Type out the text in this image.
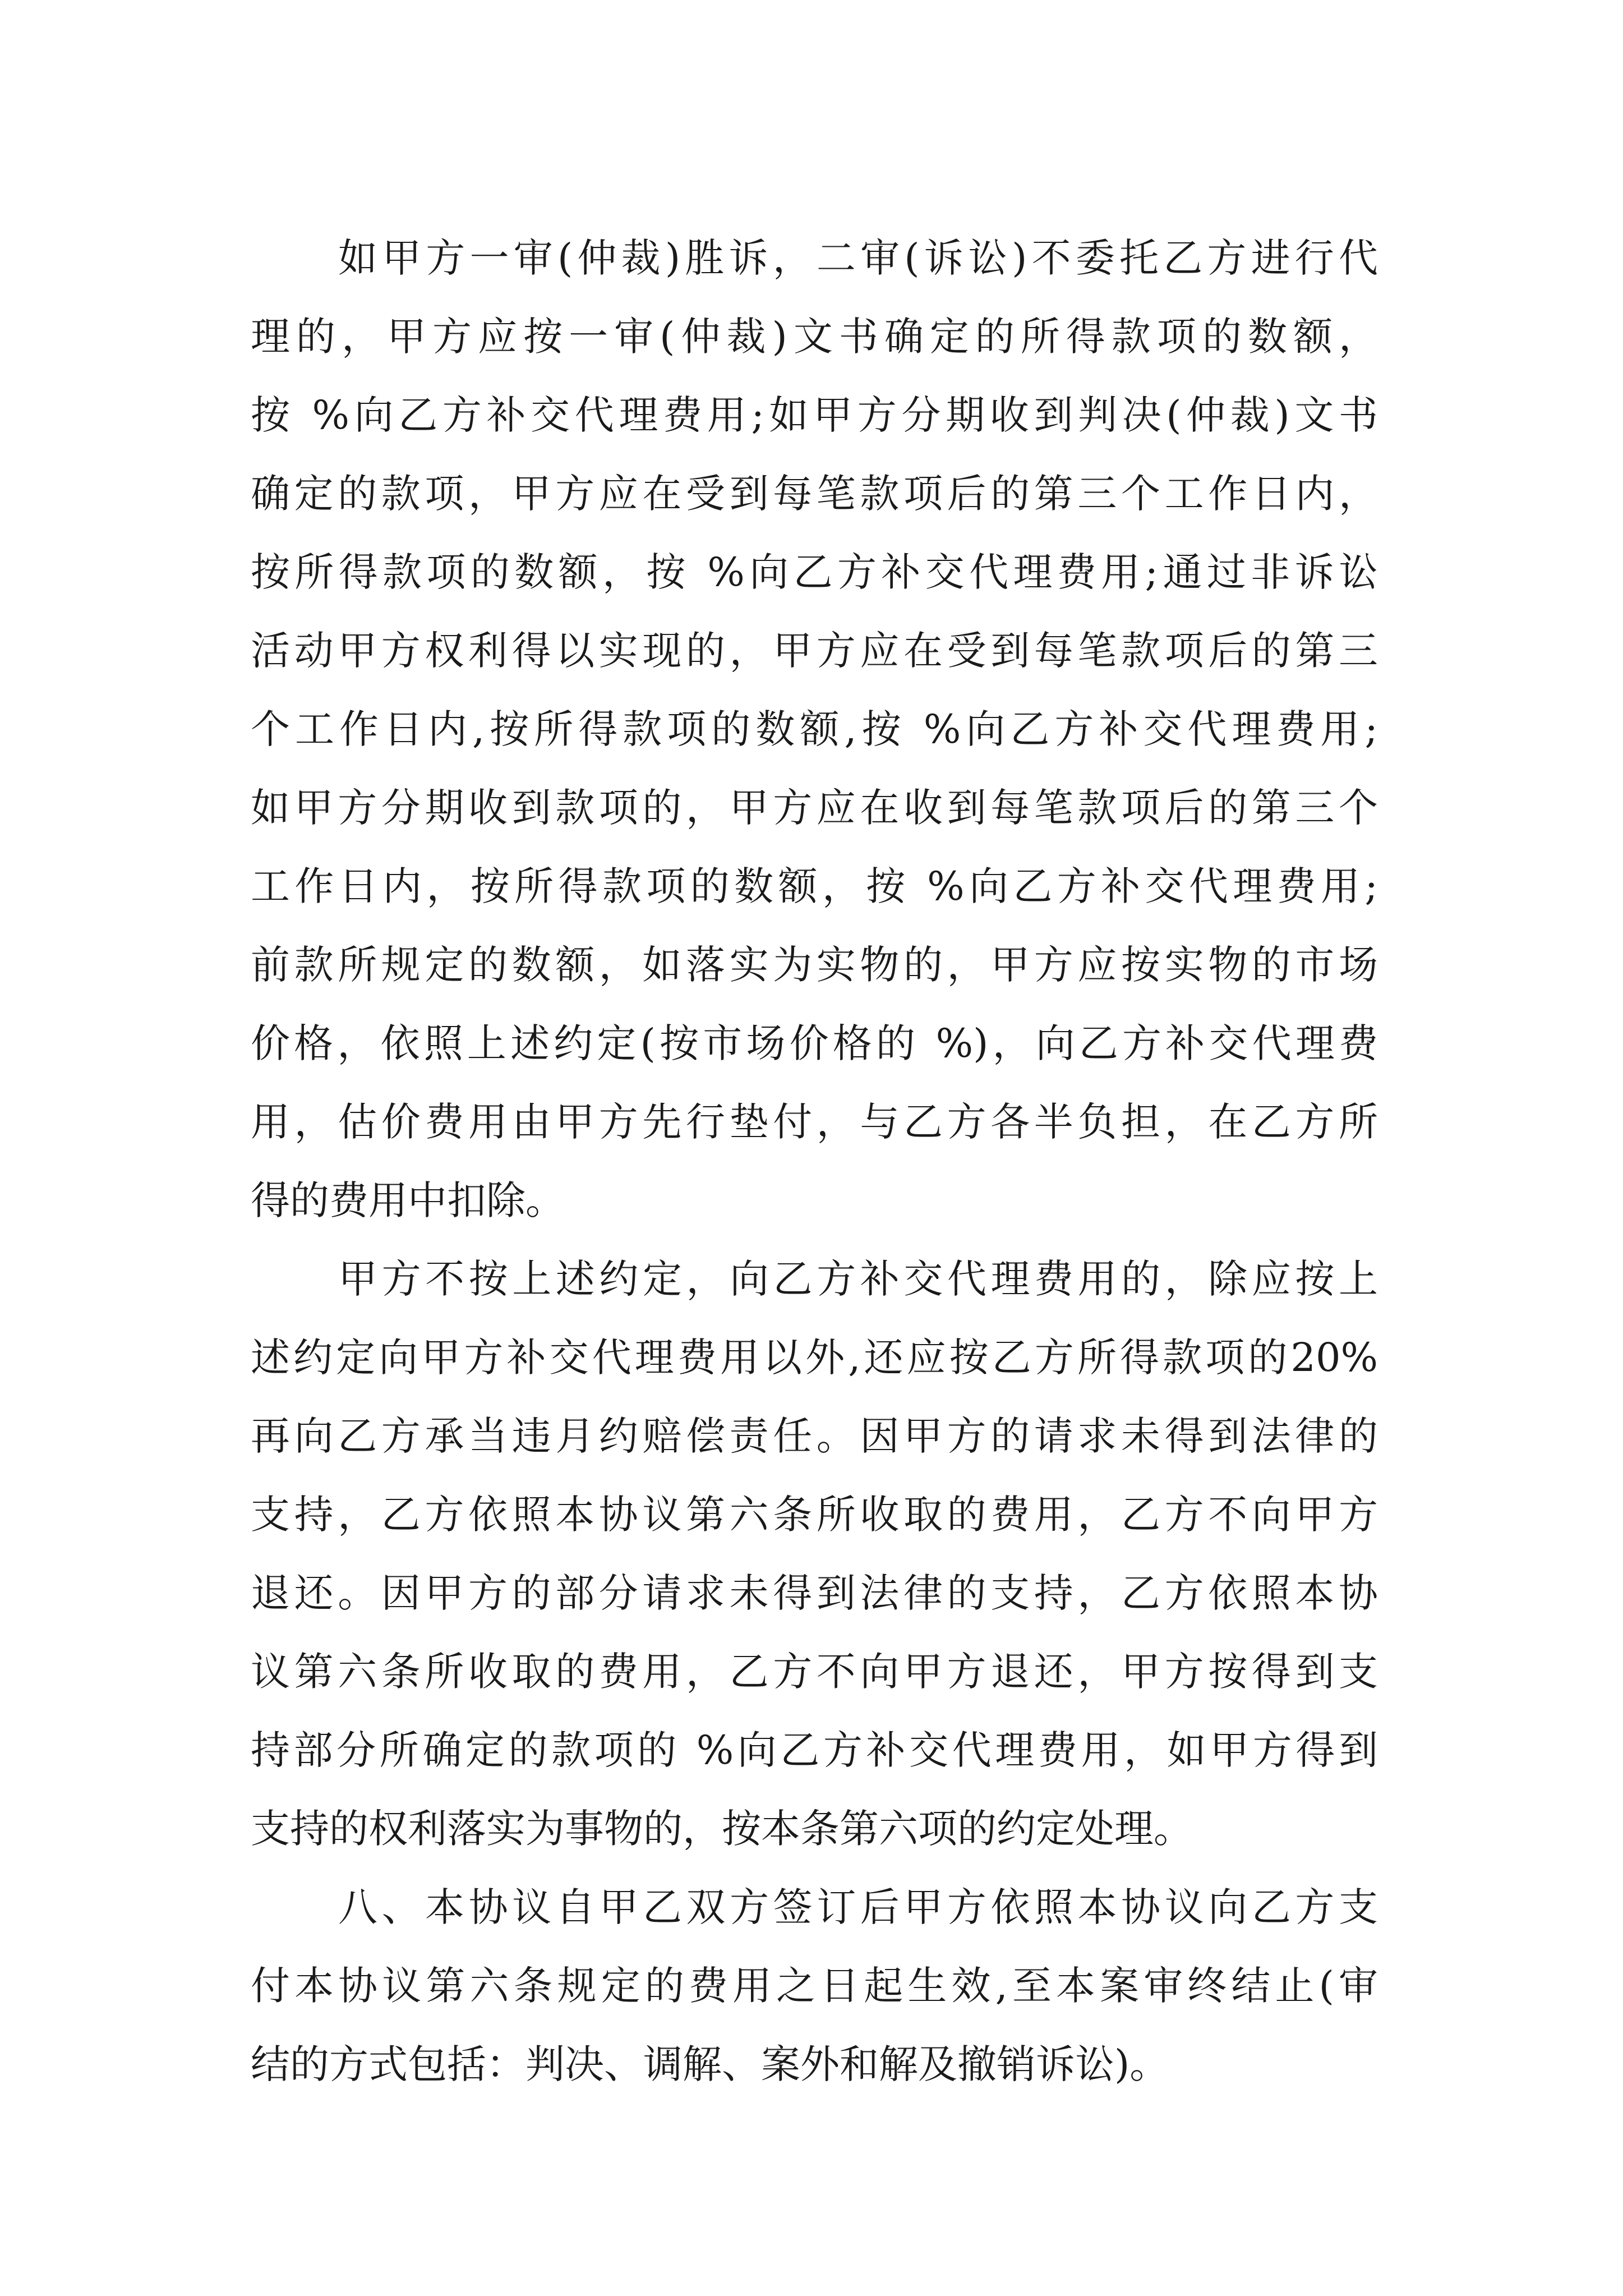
如甲方一审(仲裁)胜诉，二审(诉讼)不委托乙方进行代
理的，甲方应按一审(仲裁)文书确定的所得款项的数额，
按 %向乙方补交代理费用;如甲方分期收到判决(仲裁)文书
确定的款项，甲方应在受到每笔款项后的第三个工作日内，
按所得款项的数额，按 %向乙方补交代理费用;通过非诉讼
活动甲方权利得以实现的，甲方应在受到每笔款项后的第三
个工作日内,按所得款项的数额,按 %向乙方补交代理费用;
如甲方分期收到款项的，甲方应在收到每笔款项后的第三个
工作日内，按所得款项的数额，按 %向乙方补交代理费用;
前款所规定的数额，如落实为实物的，甲方应按实物的市场
价格，依照上述约定(按市场价格的 %)，向乙方补交代理费
用，估价费用由甲方先行垫付，与乙方各半负担，在乙方所
得的费用中扣除。
甲方不按上述约定，向乙方补交代理费用的，除应按上
述约定向甲方补交代理费用以外,还应按乙方所得款项的20%
再向乙方承当违月约赔偿责任。因甲方的请求未得到法律的
支持，乙方依照本协议第六条所收取的费用，乙方不向甲方
退还。因甲方的部分请求未得到法律的支持，乙方依照本协
议第六条所收取的费用，乙方不向甲方退还，甲方按得到支
持部分所确定的款项的 %向乙方补交代理费用，如甲方得到
支持的权利落实为事物的，按本条第六项的约定处理。
八、本协议自甲乙双方签订后甲方依照本协议向乙方支
付本协议第六条规定的费用之日起生效,至本案审终结止(审
结的方式包括：判决、调解、案外和解及撤销诉讼)。
